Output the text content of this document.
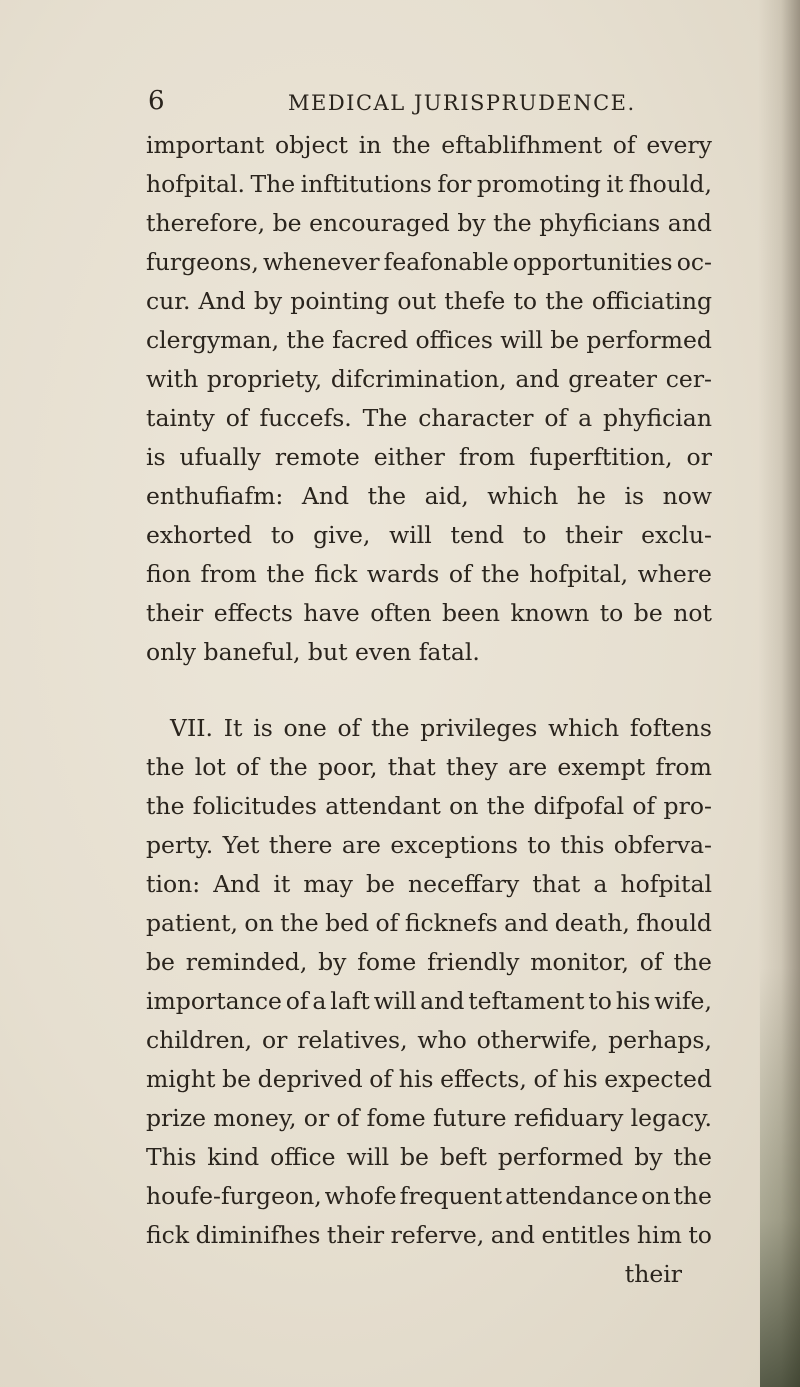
6	MEDICAL JURISPRUDENCE.
important object in the eftablifhment of every
hofpital. The inftitutions for promoting it fhould,
therefore, be encouraged by the phyficians and
furgeons, whenever feafonable opportunities oc-
cur. And by pointing out thefe to the officiating
clergyman, the facred offices will be performed
with propriety, difcrimination, and greater cer-
tainty of fuccefs. The character of a phyfician
is ufually remote either from fuperftition, or
enthufiafm: And the aid, which he is now
exhorted to give, will tend to their exclu-
fion from the fick wards of the hofpital, where
their effects have often been known to be not
only baneful, but even fatal.
VII. It is one of the privileges which foftens
the lot of the poor, that they are exempt from
the folicitudes attendant on the difpofal of pro-
perty. Yet there are exceptions to this obferva-
tion: And it may be neceffary that a hofpital
patient, on the bed of ficknefs and death, fhould
be reminded, by fome friendly monitor, of the
importance of a laft will and teftament to his wife,
children, or relatives, who otherwife, perhaps,
might be deprived of his effects, of his expected
prize money, or of fome future refiduary legacy.
This kind office will be beft performed by the
houfe-furgeon, whofe frequent attendance on the
fick diminifhes their referve, and entitles him to
their
